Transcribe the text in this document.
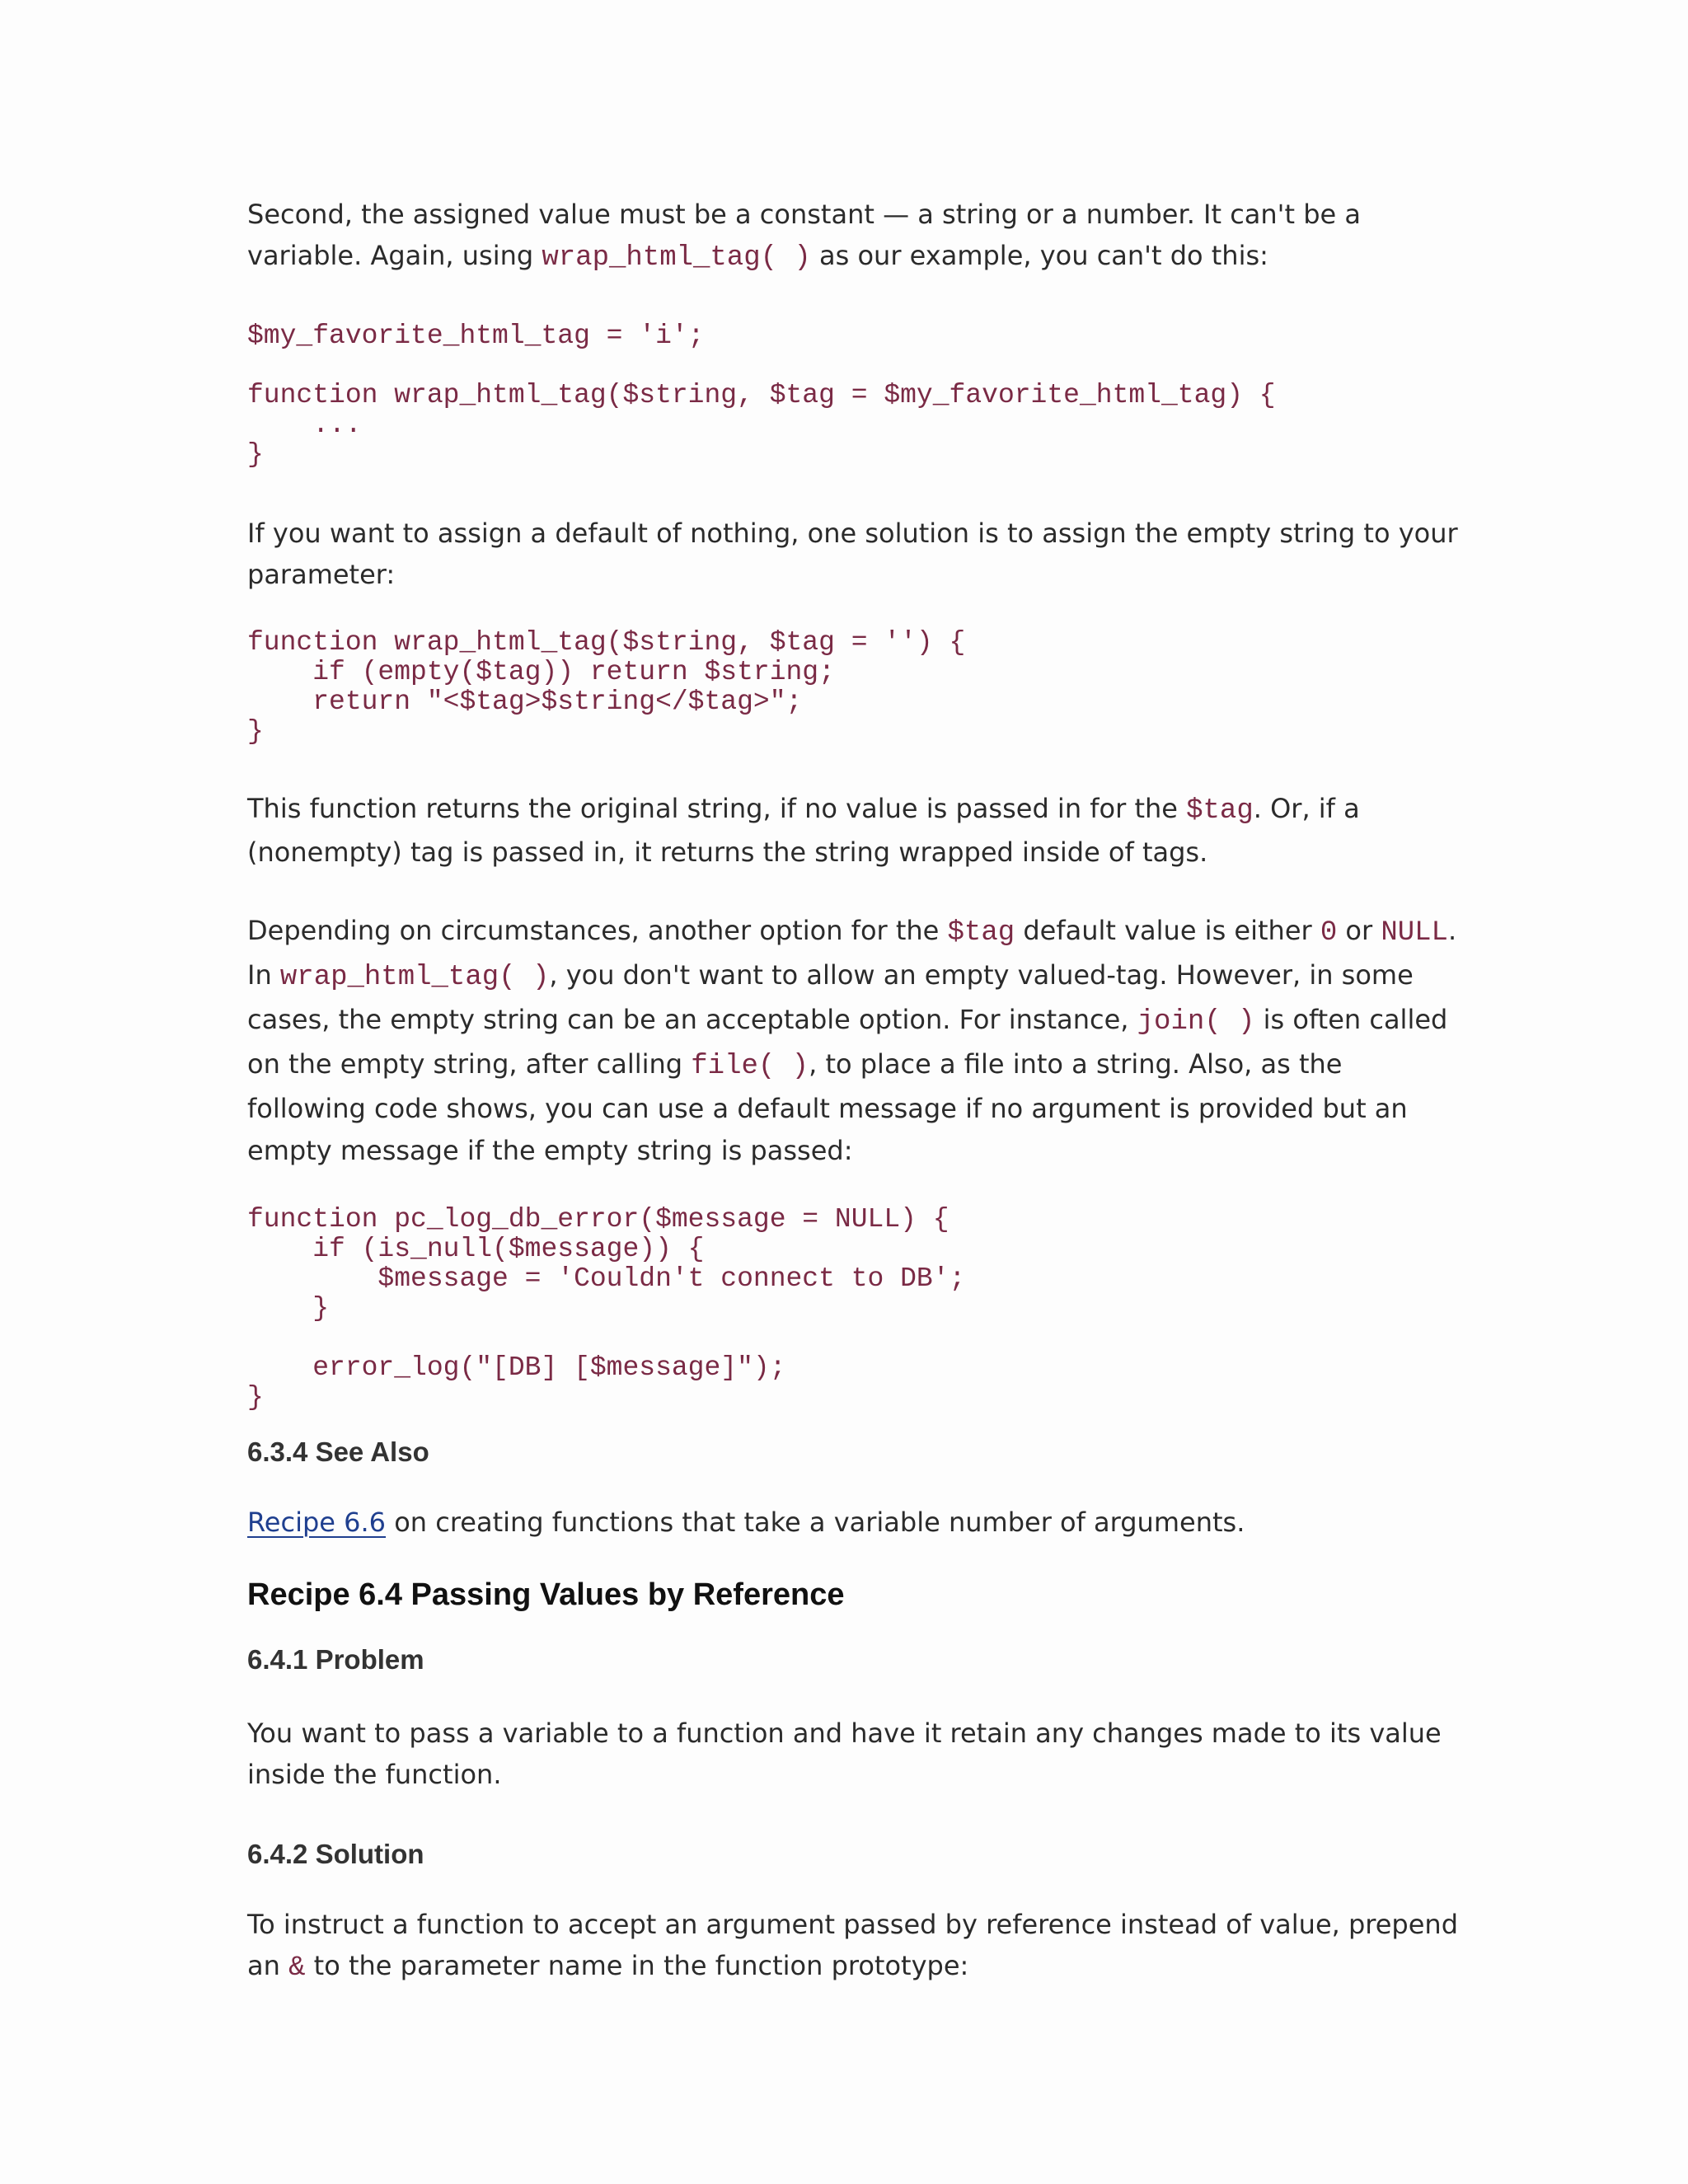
Second, the assigned value must be a constant — a string or a number. It can't be a variable. Again, using wrap_html_tag( ) as our example, you can't do this:

$my_favorite_html_tag = 'i';

function wrap_html_tag($string, $tag = $my_favorite_html_tag) {
...
}

If you want to assign a default of nothing, one solution is to assign the empty string to your parameter:

function wrap_html_tag($string, $tag = '') {
if (empty($tag)) return $string;
return "<$tag>$string</$tag>";
}

This function returns the original string, if no value is passed in for the $tag. Or, if a (nonempty) tag is passed in, it returns the string wrapped inside of tags.

Depending on circumstances, another option for the $tag default value is either 0 or NULL. In wrap_html_tag( ), you don't want to allow an empty valued-tag. However, in some cases, the empty string can be an acceptable option. For instance, join( ) is often called on the empty string, after calling file( ), to place a file into a string. Also, as the following code shows, you can use a default message if no argument is provided but an empty message if the empty string is passed:

function pc_log_db_error($message = NULL) {
if (is_null($message)) {
$message = 'Couldn't connect to DB';
}

error_log("[DB] [$message]");
}
6.3.4 See Also

Recipe 6.6 on creating functions that take a variable number of arguments.

Recipe 6.4 Passing Values by Reference
6.4.1 Problem

You want to pass a variable to a function and have it retain any changes made to its value inside the function.

6.4.2 Solution

To instruct a function to accept an argument passed by reference instead of value, prepend an & to the parameter name in the function prototype:
